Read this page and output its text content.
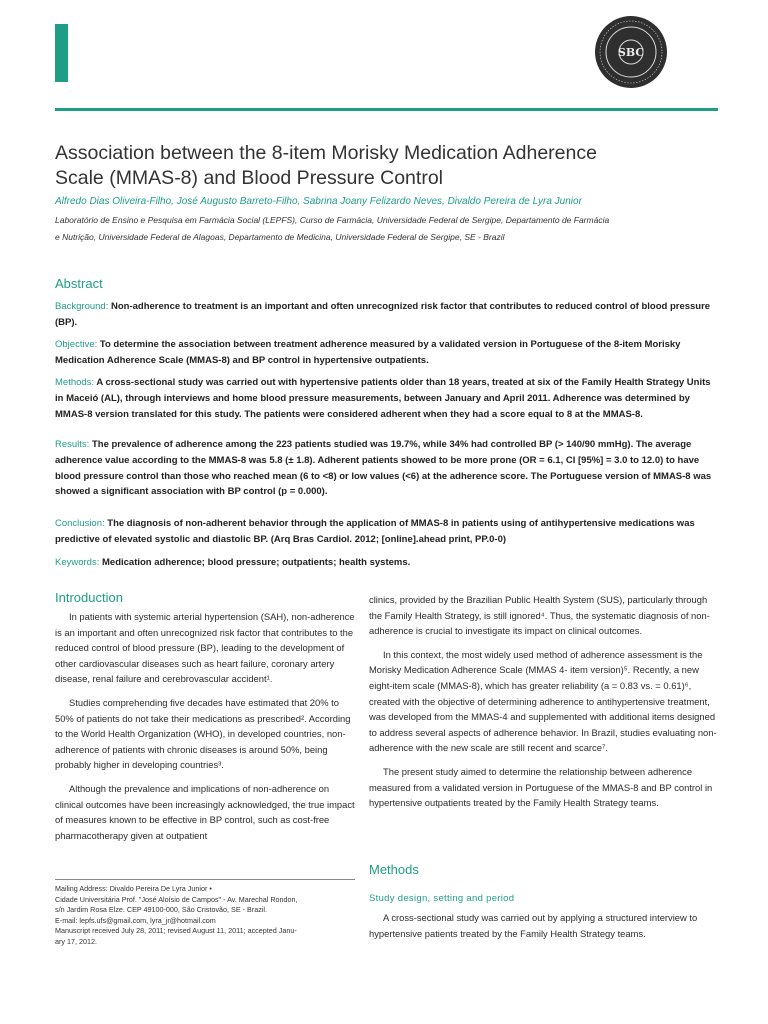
SBC
Association between the 8-item Morisky Medication Adherence
Scale (MMAS-8) and Blood Pressure Control
Alfredo Dias Oliveira-Filho, José Augusto Barreto-Filho, Sabrina Joany Felizardo Neves, Divaldo Pereira de Lyra Junior
Laboratório de Ensino e Pesquisa em Farmácia Social (LEPFS), Curso de Farmácia, Universidade Federal de Sergipe, Departamento de Farmácia
e Nutrição, Universidade Federal de Alagoas, Departamento de Medicina, Universidade Federal de Sergipe, SE - Brazil
Abstract
Background: Non-adherence to treatment is an important and often unrecognized risk factor that contributes to reduced control of blood pressure (BP).
Objective: To determine the association between treatment adherence measured by a validated version in Portuguese of the 8-item Morisky Medication Adherence Scale (MMAS-8) and BP control in hypertensive outpatients.
Methods: A cross-sectional study was carried out with hypertensive patients older than 18 years, treated at six of the Family Health Strategy Units in Maceió (AL), through interviews and home blood pressure measurements, between January and April 2011. Adherence was determined by MMAS-8 version translated for this study. The patients were considered adherent when they had a score equal to 8 at the MMAS-8.
Results: The prevalence of adherence among the 223 patients studied was 19.7%, while 34% had controlled BP (> 140/90 mmHg). The average adherence value according to the MMAS-8 was 5.8 (± 1.8). Adherent patients showed to be more prone (OR = 6.1, CI [95%] = 3.0 to 12.0) to have blood pressure control than those who reached mean (6 to <8) or low values (<6) at the adherence score. The Portuguese version of MMAS-8 was showed a significant association with BP control (p = 0.000).
Conclusion: The diagnosis of non-adherent behavior through the application of MMAS-8 in patients using of antihypertensive medications was predictive of elevated systolic and diastolic BP. (Arq Bras Cardiol. 2012; [online].ahead print, PP.0-0)
Keywords: Medication adherence; blood pressure; outpatients; health systems.
Introduction

In patients with systemic arterial hypertension (SAH), non-adherence is an important and often unrecognized risk factor that contributes to the reduced control of blood pressure (BP), leading to the development of other cardiovascular diseases such as heart failure, coronary artery disease, renal failure and cerebrovascular accident¹.

Studies comprehending five decades have estimated that 20% to 50% of patients do not take their medications as prescribed². According to the World Health Organization (WHO), in developed countries, non-adherence of patients with chronic diseases is around 50%, being probably higher in developing countries³.

Although the prevalence and implications of non-adherence on clinical outcomes have been increasingly acknowledged, the true impact of measures known to be effective in BP control, such as cost-free pharmacotherapy given at outpatient

clinics, provided by the Brazilian Public Health System (SUS), particularly through the Family Health Strategy, is still ignored⁴. Thus, the systematic diagnosis of non-adherence is crucial to investigate its impact on clinical outcomes.

In this context, the most widely used method of adherence assessment is the Morisky Medication Adherence Scale (MMAS 4- item version)⁵. Recently, a new eight-item scale (MMAS-8), which has greater reliability (a = 0.83 vs. = 0.61)⁶, created with the objective of determining adherence to antihypertensive treatment, was developed from the MMAS-4 and supplemented with additional items designed to address several aspects of adherence behavior. In Brazil, studies evaluating non-adherence with the new scale are still recent and scarce⁷.

The present study aimed to determine the relationship between adherence measured from a validated version in Portuguese of the MMAS-8 and BP control in hypertensive outpatients treated by the Family Health Strategy teams.

Methods
Study design, setting and period

A cross-sectional study was carried out by applying a structured interview to hypertensive patients treated by the Family Health Strategy teams.

Mailing Address: Divaldo Pereira De Lyra Junior •
Cidade Universitária Prof. "José Aloísio de Campos" - Av. Marechal Rondon,
s/n Jardim Rosa Elze. CEP 49100-000, São Cristovão, SE - Brazil.
E-mail: lepfs.ufs@gmail.com, lyra_jr@hotmail.com
Manuscript received July 28, 2011; revised August 11, 2011; accepted Janu-
ary 17, 2012.
